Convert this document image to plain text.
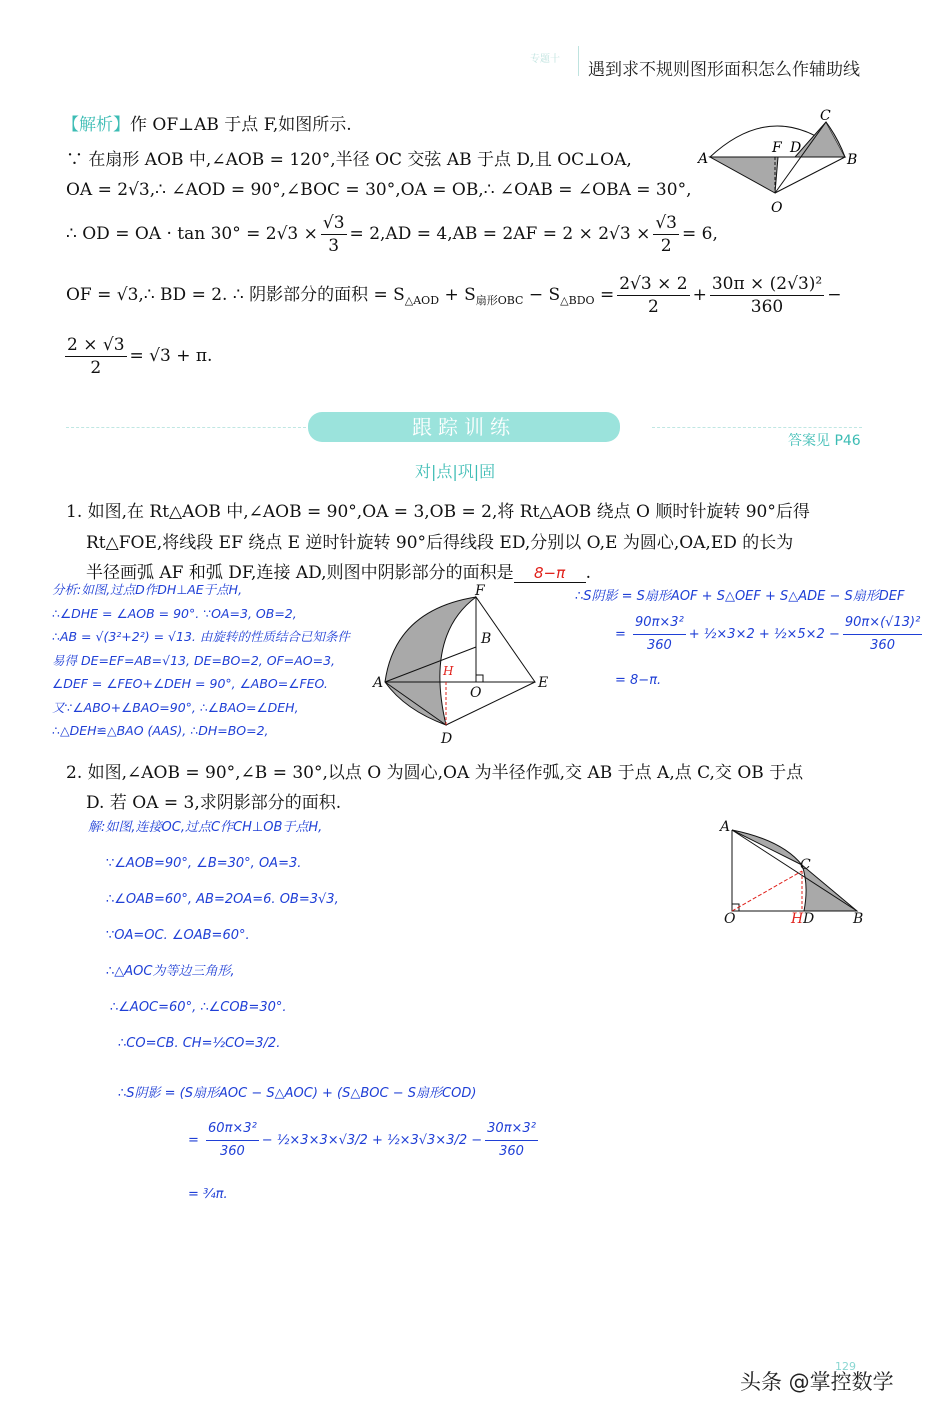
专题十
遇到求不规则图形面积怎么作辅助线
【解析】作 OF⊥AB 于点 F,如图所示.
∵ 在扇形 AOB 中,∠AOB = 120°,半径 OC 交弦 AB 于点 D,且 OC⊥OA,
OA = 2√3,∴ ∠AOD = 90°,∠BOC = 30°,OA = OB,∴ ∠OAB = ∠OBA = 30°,
∴ OD = OA · $\tan 30^\circ = 2√3 \times \frac{√3}{3} = 2,AD = 4,AB = 2AF = 2 \times 2√3 \times \frac{√3}{2} = 6$,
OF = √3,∴ BD = 2. ∴ 阴影部分的面积 = $S_{\triangle AOD} + S_{扇形OBC} - S_{\triangle BDO} = \frac{2√3 \times 2}{2} + \frac{\text{30π × (2√3)²}}{360}$ −
$\frac{2 \times √3}{2} = √3 + \pi$.
A
F D
C
B
O
跟踪训练
答案见 P46
对|点|巩|固
1. 如图,在 Rt△AOB 中,∠AOB = 90°,OA = 3,OB = 2,将 Rt△AOB 绕点 O 顺时针旋转 90°后得
Rt△FOE,将线段 EF 绕点 E 逆时针旋转 90°后得线段 ED,分别以 O,E 为圆心,OA,ED 的长为
半径画弧 AF 和弧 DF,连接 AD,则图中阴影部分的面积是 8−π .
分析:如图,过点D作DH⊥AE于点H,
∴∠DHE = ∠AOB = 90°. ∵OA=3, OB=2,
∴AB = √(3²+2²) = √13. 由旋转的性质结合已知条件
易得 DE=EF=AB=√13, DE=BO=2, OF=AO=3,
∠DEF = ∠FEO+∠DEH = 90°, ∠ABO=∠FEO.
又∵∠ABO+∠BAO=90°, ∴∠BAO=∠DEH,
∴△DEH≌△BAO (AAS), ∴DH=BO=2,
F
B
A
H
O
E
D
∴S阴影 = S扇形AOF + S△OEF + S△ADE − S扇形DEF
= $\frac{\text{90π×3²}}{360}$ + ½×3×2 + ½×5×2 − $\frac{\text{90π×(√13)²}}{360}$
= 8−π.
2. 如图,∠AOB = 90°,∠B = 30°,以点 O 为圆心,OA 为半径作弧,交 AB 于点 A,点 C,交 OB 于点
D. 若 OA = 3,求阴影部分的面积.
A
C
O	H D	B
解:如图,连接OC,过点C作CH⊥OB于点H,
∵∠AOB=90°, ∠B=30°, OA=3.
∴∠OAB=60°, AB=2OA=6. OB=3√3,
∵OA=OC. ∠OAB=60°.
∴△AOC为等边三角形,
∴∠AOC=60°, ∴∠COB=30°.
∴CO=CB. CH=½CO=3/2.
∴S阴影 = (S扇形AOC − S△AOC) + (S△BOC − S扇形COD)
= $\frac{\text{60π×3²}}{360}$ − ½×3×3×√3/2 + ½×3√3×3/2 − $\frac{\text{30π×3²}}{360}$
= ¾π.
129
头条 @掌控数学
